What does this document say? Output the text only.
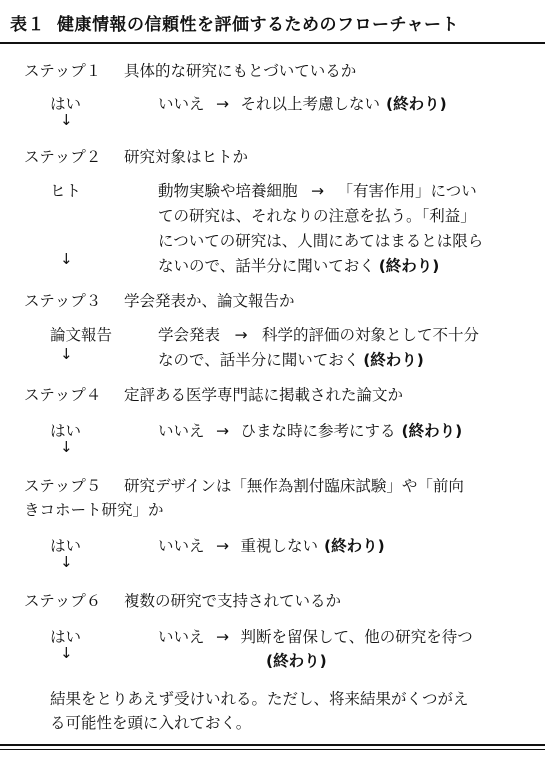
表１ 健康情報の信頼性を評価するためのフローチャート
ステップ１ 具体的な研究にもとづいているか
はい
↓
いいえ → それ以上考慮しない (終わり)
ステップ２ 研究対象はヒトか
ヒト
↓
動物実験や培養細胞 → 「有害作用」につい
ての研究は、それなりの注意を払う。「利益」
についての研究は、人間にあてはまるとは限ら
ないので、話半分に聞いておく (終わり)
ステップ３ 学会発表か、論文報告か
論文報告
↓
学会発表 → 科学的評価の対象として不十分
なので、話半分に聞いておく (終わり)
ステップ４ 定評ある医学専門誌に掲載された論文か
はい
↓
いいえ → ひまな時に参考にする (終わり)
ステップ５ 研究デザインは「無作為割付臨床試験」や「前向
きコホート研究」か
はい
↓
いいえ → 重視しない (終わり)
ステップ６ 複数の研究で支持されているか
はい
↓
いいえ → 判断を留保して、他の研究を待つ
(終わり)
結果をとりあえず受けいれる。ただし、将来結果がくつがえ
る可能性を頭に入れておく。
